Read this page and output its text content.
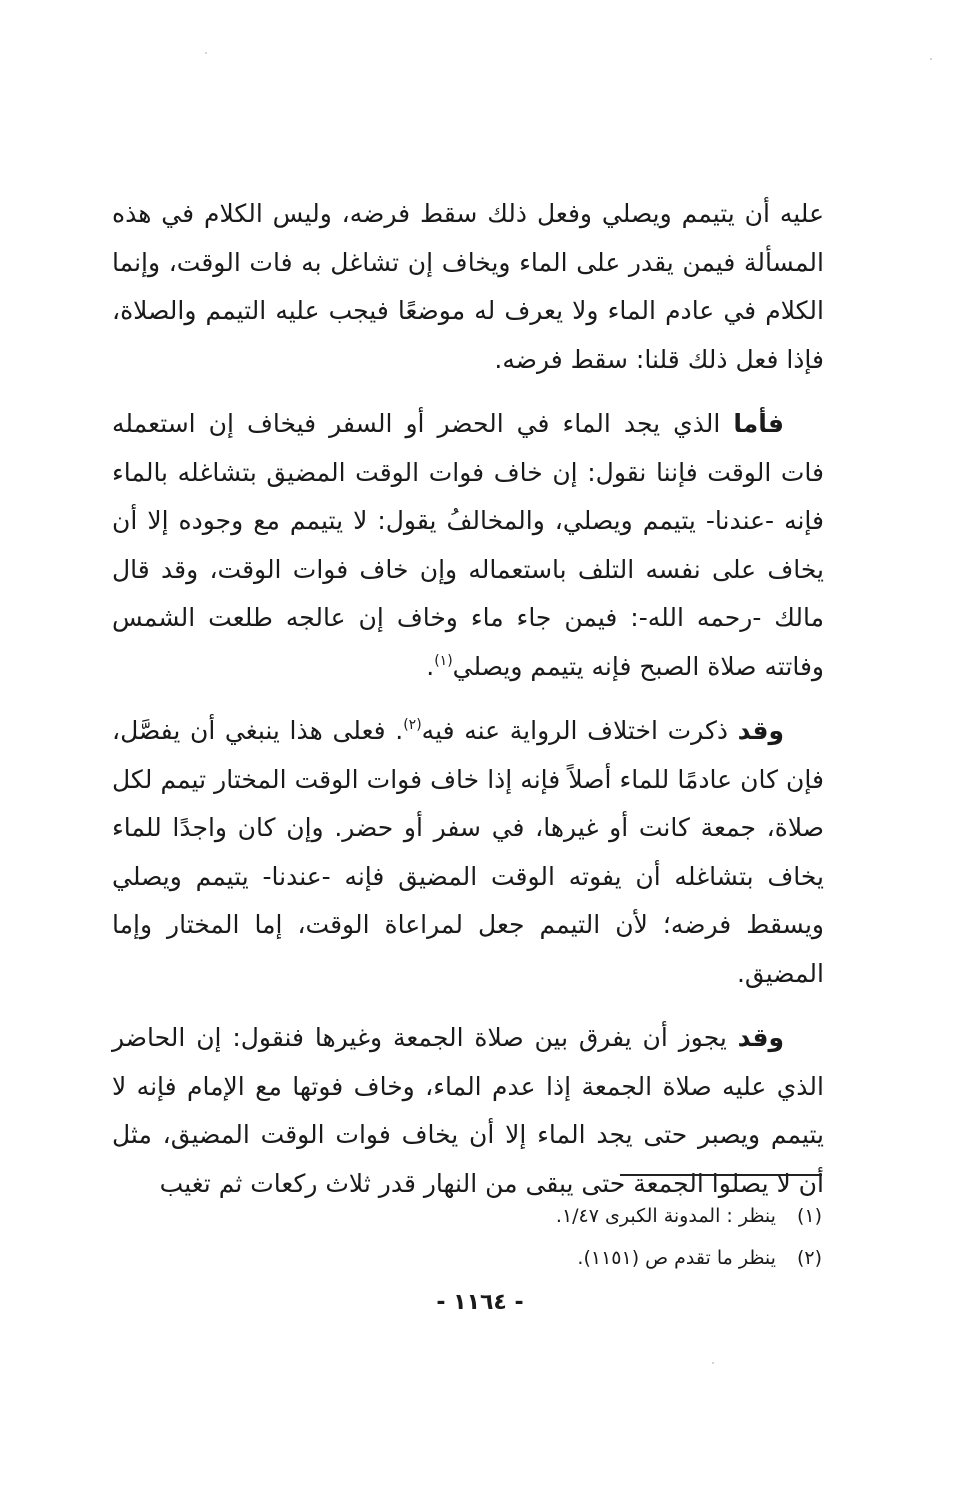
عليه أن يتيمم ويصلي وفعل ذلك سقط فرضه، وليس الكلام في هذه المسألة فيمن يقدر على الماء ويخاف إن تشاغل به فات الوقت، وإنما الكلام في عادم الماء ولا يعرف له موضعًا فيجب عليه التيمم والصلاة، فإذا فعل ذلك قلنا: سقط فرضه.

فأما الذي يجد الماء في الحضر أو السفر فيخاف إن استعمله فات الوقت فإننا نقول: إن خاف فوات الوقت المضيق بتشاغله بالماء فإنه -عندنا- يتيمم ويصلي، والمخالفُ يقول: لا يتيمم مع وجوده إلا أن يخاف على نفسه التلف باستعماله وإن خاف فوات الوقت، وقد قال مالك -رحمه الله-: فيمن جاء ماء وخاف إن عالجه طلعت الشمس وفاتته صلاة الصبح فإنه يتيمم ويصلي$^{(١)}$.

وقد ذكرت اختلاف الرواية عنه فيه$^{(٢)}$. فعلى هذا ينبغي أن يفصَّل، فإن كان عادمًا للماء أصلاً فإنه إذا خاف فوات الوقت المختار تيمم لكل صلاة، جمعة كانت أو غيرها، في سفر أو حضر. وإن كان واجدًا للماء يخاف بتشاغله أن يفوته الوقت المضيق فإنه -عندنا- يتيمم ويصلي ويسقط فرضه؛ لأن التيمم جعل لمراعاة الوقت، إما المختار وإما المضيق.

وقد يجوز أن يفرق بين صلاة الجمعة وغيرها فنقول: إن الحاضر الذي عليه صلاة الجمعة إذا عدم الماء، وخاف فوتها مع الإمام فإنه لا يتيمم ويصبر حتى يجد الماء إلا أن يخاف فوات الوقت المضيق، مثل أن لا يصلوا الجمعة حتى يبقى من النهار قدر ثلاث ركعات ثم تغيب

(١) ينظر : المدونة الكبرى ١/٤٧.
(٢) ينظر ما تقدم ص (١١٥١).
- ١١٦٤ -
